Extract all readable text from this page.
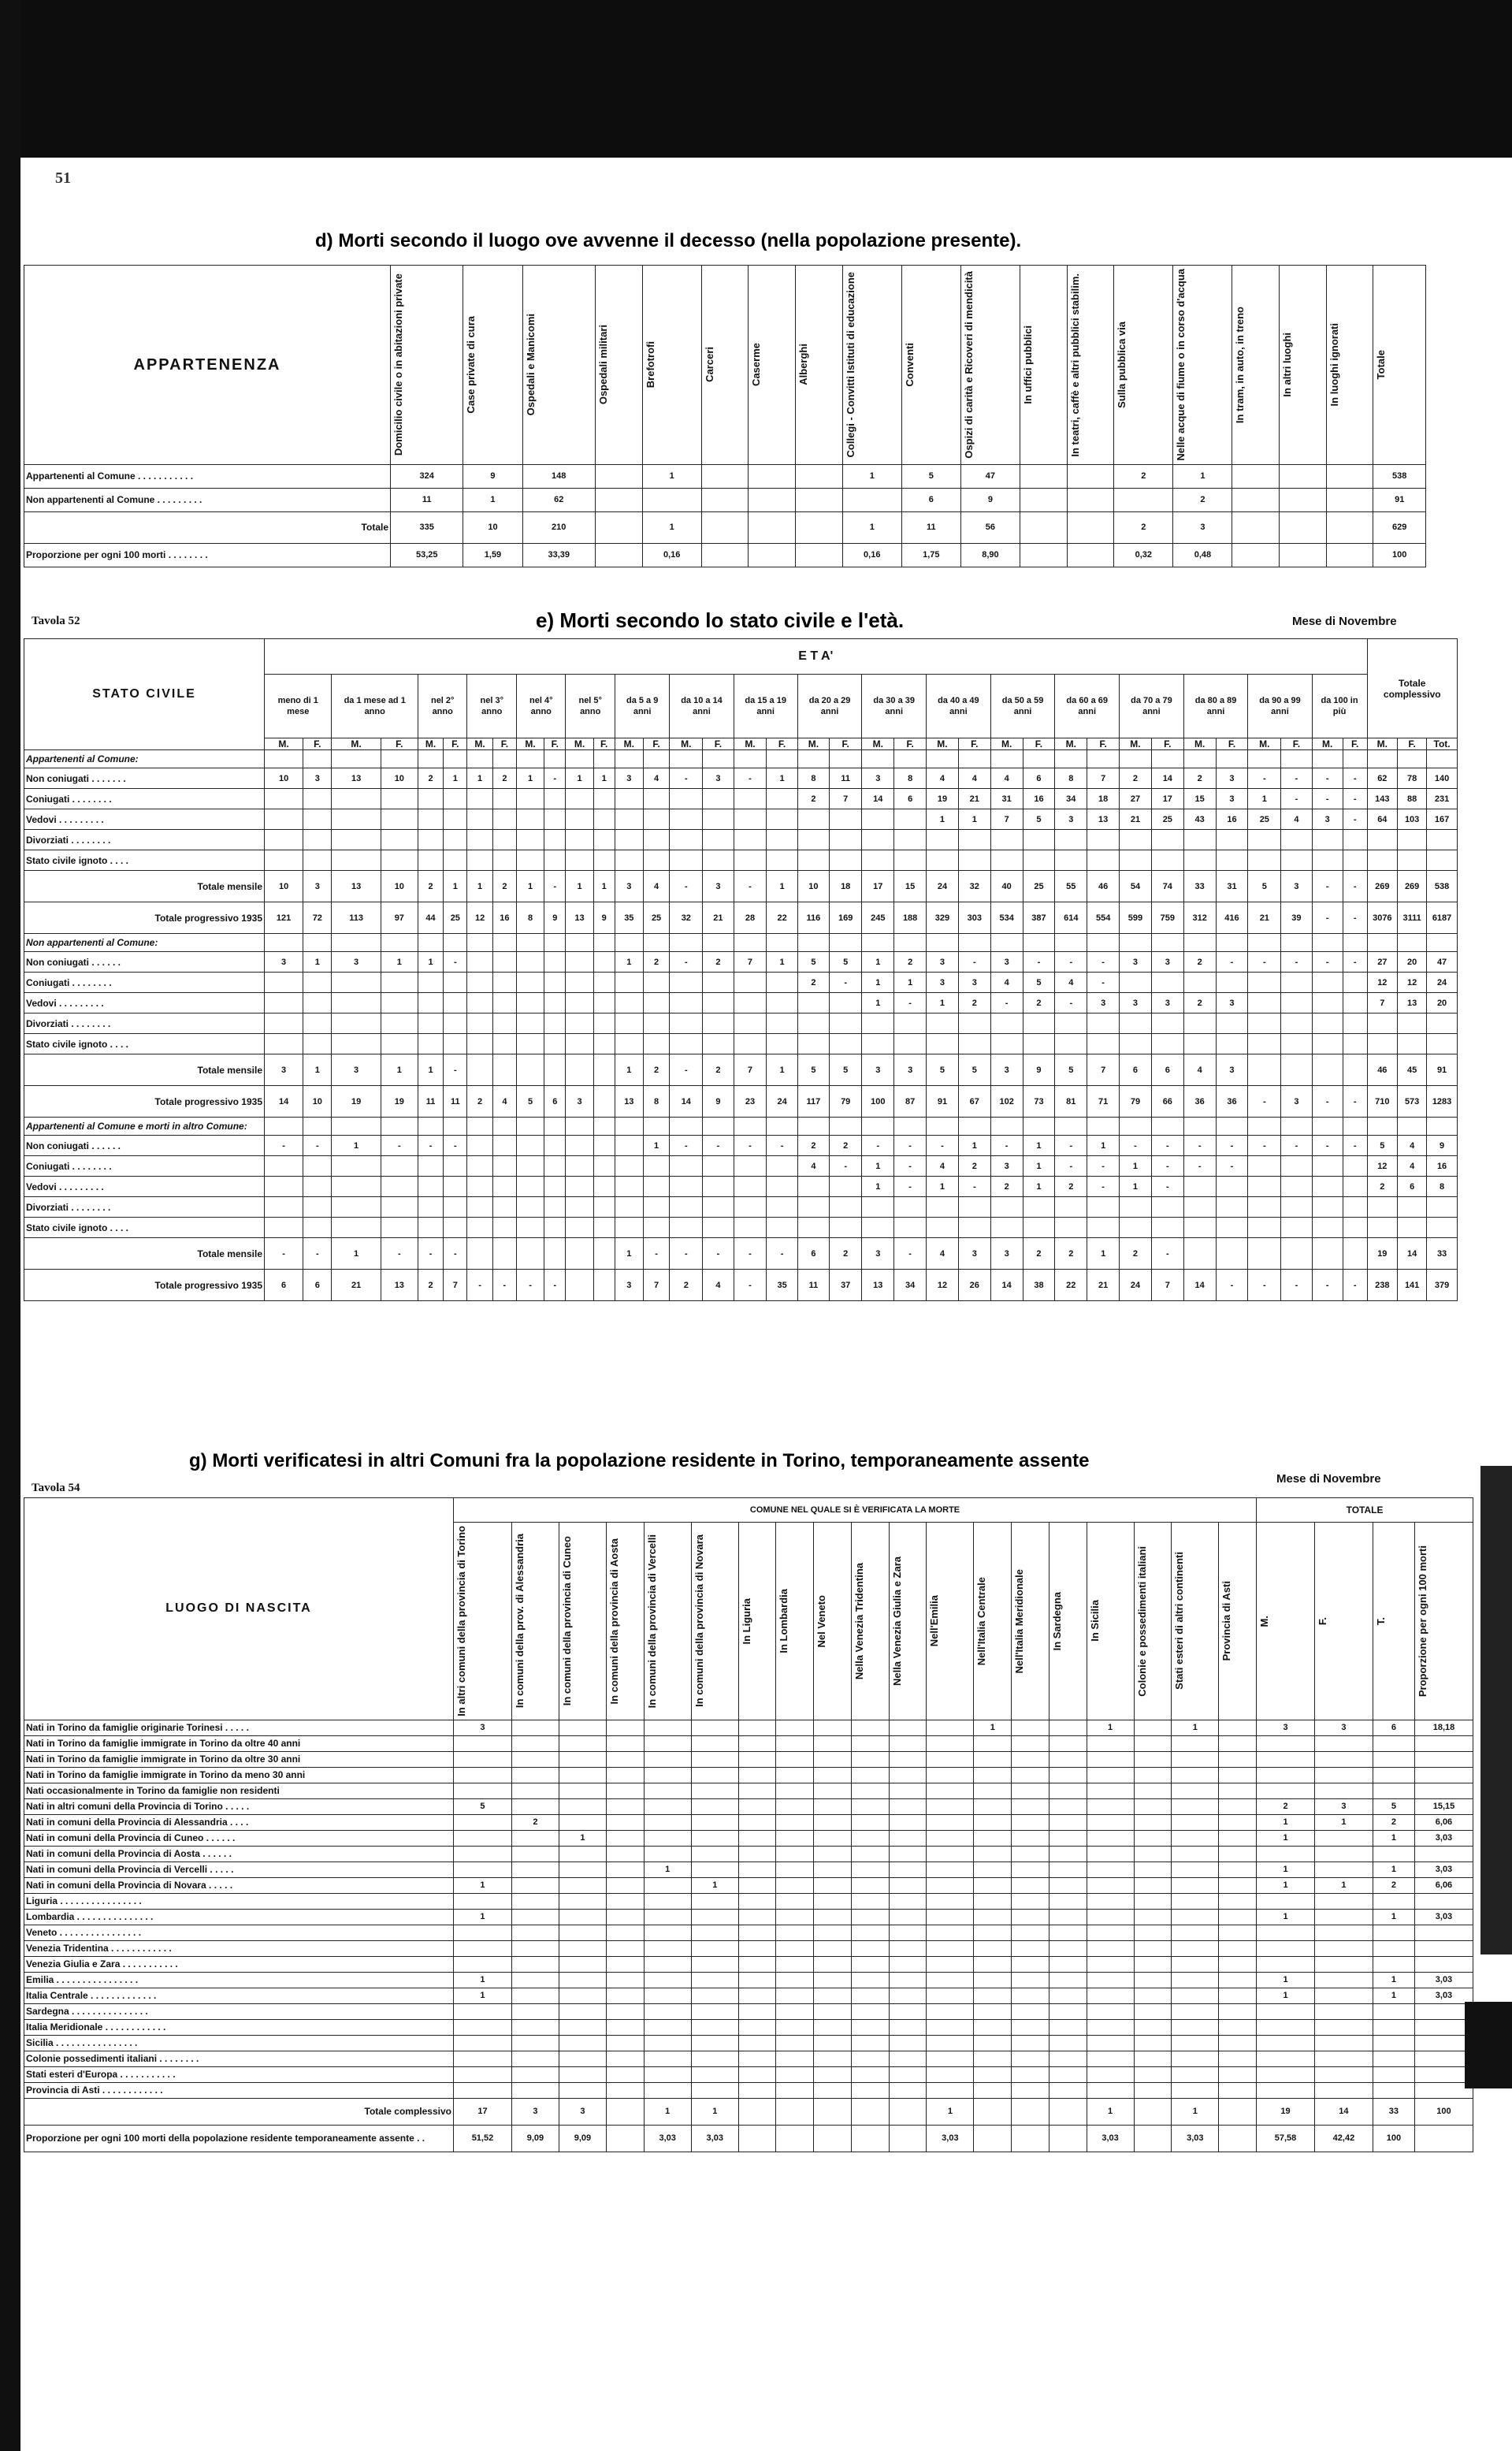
51
d) Morti secondo il luogo ove avvenne il decesso (nella popolazione presente).
APPARTENENZA	Domicilio civile o in abitazioni private	Case private di cura	Ospedali e Manicomi	Ospedali militari	Brefotrofi	Carceri	Caserme	Alberghi	Collegi - Convitti Istituti di educazione	Conventi	Ospizi di carità e Ricoveri di mendicità	In uffici pubblici	In teatri, caffè e altri pubblici stabilim.	Sulla pubblica via	Nelle acque di fiume o in corso d'acqua	In tram, in auto, in treno	In altri luoghi	In luoghi ignorati	Totale

Appartenenti al Comune . . . . . . . . . . .	324	9	148		1				1	5	47			2	1				538
Non appartenenti al Comune . . . . . . . . .	11	1	62							6	9				2				91
Totale	335	10	210		1				1	11	56			2	3				629
Proporzione per ogni 100 morti . . . . . . . .	53,25	1,59	33,39		0,16				0,16	1,75	8,90			0,32	0,48				100
Tavola 52	e) Morti secondo lo stato civile e l'età.	Mese di Novembre
STATO CIVILE	E T A'																																				Totale complessivo		
	meno di 1 mese		da 1 mese ad 1 anno		nel 2° anno		nel 3° anno		nel 4° anno		nel 5° anno		da 5 a 9 anni		da 10 a 14 anni		da 15 a 19 anni		da 20 a 29 anni		da 30 a 39 anni		da 40 a 49 anni		da 50 a 59 anni		da 60 a 69 anni		da 70 a 79 anni		da 80 a 89 anni		da 90 a 99 anni		da 100 in più				
	M.	F.	M.	F.	M.	F.	M.	F.	M.	F.	M.	F.	M.	F.	M.	F.	M.	F.	M.	F.	M.	F.	M.	F.	M.	F.	M.	F.	M.	F.	M.	F.	M.	F.	M.	F.	M.	F.	Tot.
Appartenenti al Comune:																																							
Non coniugati . . . . . . .	10	3	13	10	2	1	1	2	1	-	1	1	3	4	-	3	-	1	8	11	3	8	4	4	4	6	8	7	2	14	2	3	-	-	-	-	62	78	140
Coniugati . . . . . . . .																			2	7	14	6	19	21	31	16	34	18	27	17	15	3	1	-	-	-	143	88	231
Vedovi . . . . . . . . .																							1	1	7	5	3	13	21	25	43	16	25	4	3	-	64	103	167
Divorziati . . . . . . . .																																							
Stato civile ignoto . . . .																																							
Totale mensile	10	3	13	10	2	1	1	2	1	-	1	1	3	4	-	3	-	1	10	18	17	15	24	32	40	25	55	46	54	74	33	31	5	3	-	-	269	269	538
Totale progressivo 1935	121	72	113	97	44	25	12	16	8	9	13	9	35	25	32	21	28	22	116	169	245	188	329	303	534	387	614	554	599	759	312	416	21	39	-	-	3076	3111	6187
Non appartenenti al Comune:																																							
Non coniugati . . . . . .	3	1	3	1	1	-							1	2	-	2	7	1	5	5	1	2	3	-	3	-	-	-	3	3	2	-	-	-	-	-	27	20	47
Coniugati . . . . . . . .																			2	-	1	1	3	3	4	5	4	-									12	12	24
Vedovi . . . . . . . . .																					1	-	1	2	-	2	-	3	3	3	2	3					7	13	20
Divorziati . . . . . . . .																																							
Stato civile ignoto . . . .																																							
Totale mensile	3	1	3	1	1	-							1	2	-	2	7	1	5	5	3	3	5	5	3	9	5	7	6	6	4	3					46	45	91
Totale progressivo 1935	14	10	19	19	11	11	2	4	5	6	3		13	8	14	9	23	24	117	79	100	87	91	67	102	73	81	71	79	66	36	36	-	3	-	-	710	573	1283
Appartenenti al Comune e morti in altro Comune:																																							
Non coniugati . . . . . .	-	-	1	-	-	-								1	-	-	-	-	2	2	-	-	-	1	-	1	-	1	-	-	-	-	-	-	-	-	5	4	9
Coniugati . . . . . . . .																			4	-	1	-	4	2	3	1	-	-	1	-	-	-					12	4	16
Vedovi . . . . . . . . .																					1	-	1	-	2	1	2	-	1	-							2	6	8
Divorziati . . . . . . . .																																							
Stato civile ignoto . . . .																																							
Totale mensile	-	-	1	-	-	-							1	-	-	-	-	-	6	2	3	-	4	3	3	2	2	1	2	-							19	14	33
Totale progressivo 1935	6	6	21	13	2	7	-	-	-	-			3	7	2	4	-	35	11	37	13	34	12	26	14	38	22	21	24	7	14	-	-	-	-	-	238	141	379
Tavola 54
g) Morti verificatesi in altri Comuni fra la popolazione residente in Torino, temporaneamente assente
Mese di Novembre
LUOGO DI NASCITA	COMUNE NEL QUALE SI È VERIFICATA LA MORTE																			TOTALE			

	In altri comuni della provincia di Torino	In comuni della prov. di Alessandria	In comuni della provincia di Cuneo	In comuni della provincia di Aosta	In comuni della provincia di Vercelli	In comuni della provincia di Novara	In Liguria	In Lombardia	Nel Veneto	Nella Venezia Tridentina	Nella Venezia Giulia e Zara	Nell'Emilia	Nell'Italia Centrale	Nell'Italia Meridionale	In Sardegna	In Sicilia	Colonie e possedimenti italiani	Stati esteri di altri continenti	Provincia di Asti	M.	F.	T.	Proporzione per ogni 100 morti

Nati in Torino da famiglie originarie Torinesi . . . . .	3												1			1		1		3	3	6	18,18
Nati in Torino da famiglie immigrate in Torino da oltre 40 anni																							
Nati in Torino da famiglie immigrate in Torino da oltre 30 anni																							
Nati in Torino da famiglie immigrate in Torino da meno 30 anni																							
Nati occasionalmente in Torino da famiglie non residenti																							
Nati in altri comuni della Provincia di Torino . . . . .	5																			2	3	5	15,15
Nati in comuni della Provincia di Alessandria . . . .		2																		1	1	2	6,06
Nati in comuni della Provincia di Cuneo . . . . . .			1																	1		1	3,03
Nati in comuni della Provincia di Aosta . . . . . .																							
Nati in comuni della Provincia di Vercelli . . . . .					1															1		1	3,03
Nati in comuni della Provincia di Novara . . . . .	1					1														1	1	2	6,06
Liguria . . . . . . . . . . . . . . . .																							
Lombardia . . . . . . . . . . . . . . .	1																			1		1	3,03
Veneto . . . . . . . . . . . . . . . .																							
Venezia Tridentina . . . . . . . . . . . .																							
Venezia Giulia e Zara . . . . . . . . . . .																							
Emilia . . . . . . . . . . . . . . . .	1																			1		1	3,03
Italia Centrale . . . . . . . . . . . . .	1																			1		1	3,03
Sardegna . . . . . . . . . . . . . . .																							
Italia Meridionale . . . . . . . . . . . .																							
Sicilia . . . . . . . . . . . . . . . .																							
Colonie possedimenti italiani . . . . . . . .																							
Stati esteri d'Europa . . . . . . . . . . .																							
Provincia di Asti . . . . . . . . . . . .																							
Totale complessivo	17	3	3		1	1						1				1		1		19	14	33	100
Proporzione per ogni 100 morti della popolazione residente temporaneamente assente . .	51,52	9,09	9,09		3,03	3,03						3,03				3,03		3,03		57,58	42,42	100	
